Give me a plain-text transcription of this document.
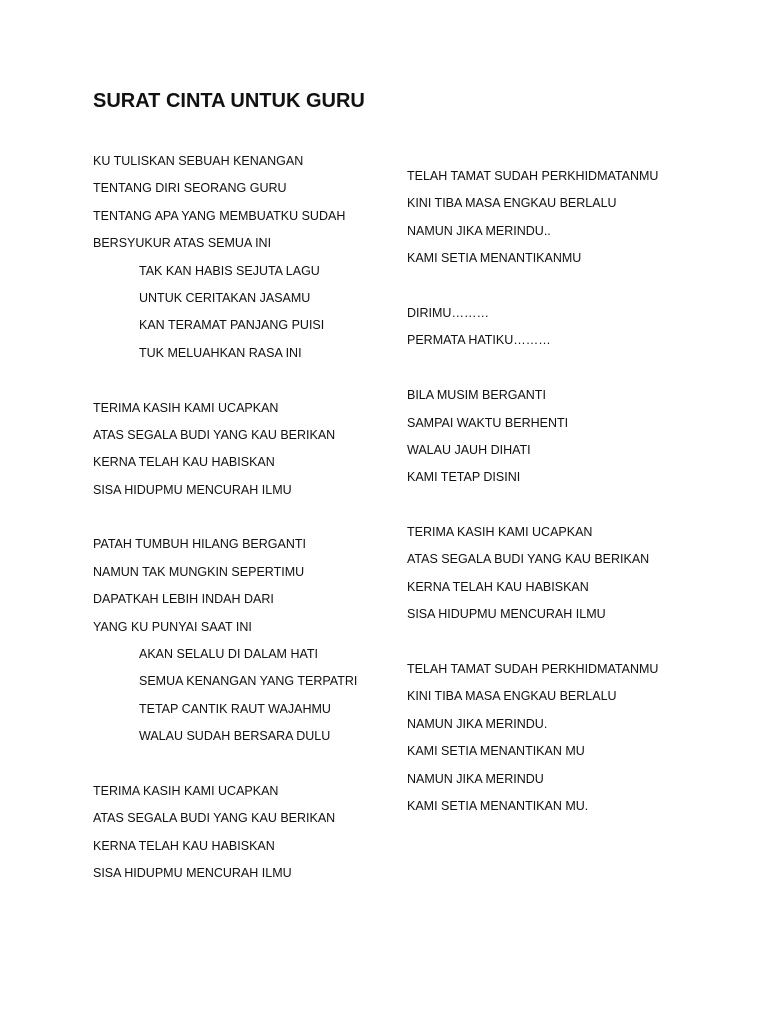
SURAT CINTA UNTUK GURU
KU TULISKAN SEBUAH KENANGAN
TENTANG DIRI SEORANG GURU
TENTANG APA YANG MEMBUATKU SUDAH
BERSYUKUR ATAS SEMUA INI
TAK KAN HABIS SEJUTA LAGU
UNTUK CERITAKAN JASAMU
KAN TERAMAT PANJANG PUISI
TUK MELUAHKAN RASA INI
TERIMA KASIH KAMI UCAPKAN
ATAS SEGALA BUDI YANG KAU BERIKAN
KERNA TELAH KAU HABISKAN
SISA HIDUPMU MENCURAH ILMU
PATAH TUMBUH HILANG BERGANTI
NAMUN TAK MUNGKIN SEPERTIMU
DAPATKAH LEBIH INDAH DARI
YANG KU PUNYAI SAAT INI
AKAN SELALU DI DALAM HATI
SEMUA KENANGAN YANG TERPATRI
TETAP CANTIK RAUT WAJAHMU
WALAU SUDAH BERSARA DULU
TERIMA KASIH KAMI UCAPKAN
ATAS SEGALA BUDI YANG KAU BERIKAN
KERNA TELAH KAU HABISKAN
SISA HIDUPMU MENCURAH ILMU
TELAH TAMAT SUDAH PERKHIDMATANMU
KINI TIBA MASA ENGKAU BERLALU
NAMUN JIKA MERINDU..
KAMI SETIA MENANTIKANMU
DIRIMU………
PERMATA HATIKU………
BILA MUSIM BERGANTI
SAMPAI WAKTU BERHENTI
WALAU JAUH DIHATI
KAMI TETAP DISINI
TERIMA KASIH KAMI UCAPKAN
ATAS SEGALA BUDI YANG KAU BERIKAN
KERNA TELAH KAU HABISKAN
SISA HIDUPMU MENCURAH ILMU
TELAH TAMAT SUDAH PERKHIDMATANMU
KINI TIBA MASA ENGKAU BERLALU
NAMUN JIKA MERINDU.
KAMI SETIA MENANTIKAN MU
NAMUN JIKA MERINDU
KAMI SETIA MENANTIKAN MU.
